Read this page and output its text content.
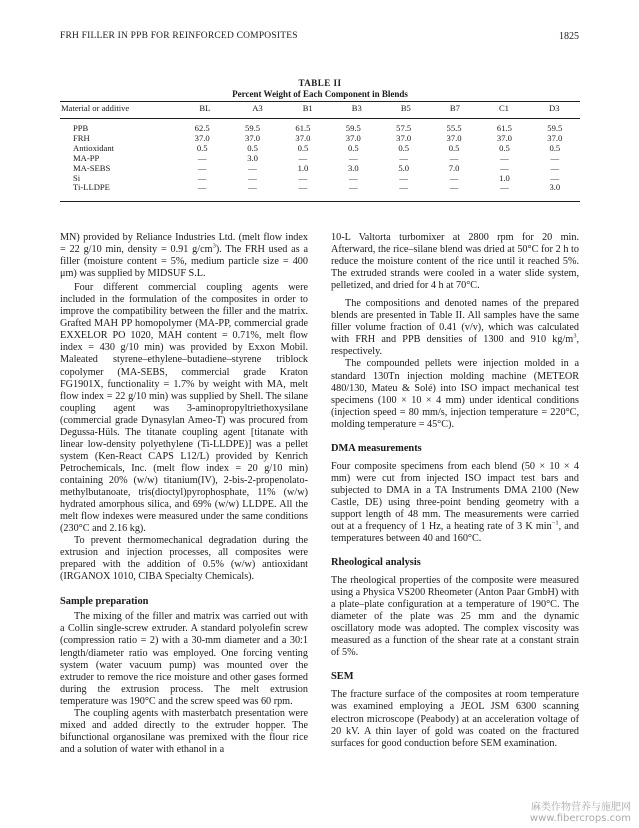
FRH FILLER IN PPB FOR REINFORCED COMPOSITES	1825
TABLE II
Percent Weight of Each Component in Blends
Material or additive	BL	A3	B1	B3	B5	B7	C1	D3
PPB	62.5	59.5	61.5	59.5	57.5	55.5	61.5	59.5
FRH	37.0	37.0	37.0	37.0	37.0	37.0	37.0	37.0
Antioxidant	0.5	0.5	0.5	0.5	0.5	0.5	0.5	0.5
MA-PP	—	3.0	—	—	—	—	—	—
MA-SEBS	—	—	1.0	3.0	5.0	7.0	—	—
Si	—	—	—	—	—	—	1.0	—
Ti-LLDPE	—	—	—	—	—	—	—	3.0

MN) provided by Reliance Industries Ltd. (melt flow index = 22 g/10 min, density = 0.91 $g/cm^3$). The FRH used as a filler (moisture content = 5%, medium particle size = 400 μm) was supplied by MIDSUF S.L.

Four different commercial coupling agents were included in the formulation of the composites in order to improve the compatibility between the filler and the matrix. Grafted MAH PP homopolymer (MA-PP, commercial grade EXXELOR PO 1020, MAH content = 0.71%, melt flow index = 430 g/10 min) was provided by Exxon Mobil. Maleated styrene–ethylene–butadiene–styrene triblock copolymer (MA-SEBS, commercial grade Kraton FG1901X, functionality = 1.7% by weight with MA, melt flow index = 22 g/10 min) was supplied by Shell. The silane coupling agent was 3-aminopropyltriethoxysilane (commercial grade Dynasylan Ameo-T) was procured from Degussa-Hüls. The titanate coupling agent [titanate with linear low-density polyethylene (Ti-LLDPE)] was a pellet system (Ken-React CAPS L12/L) provided by Kenrich Petrochemicals, Inc. (melt flow index = 20 g/10 min) containing 20% (w/w) titanium(IV), 2-bis-2-propenolato-methylbutanoate, tris(dioctyl)pyrophosphate, 11% (w/w) hydrated amorphous silica, and 69% (w/w) LLDPE. All the melt flow indexes were measured under the same conditions (230°C and 2.16 kg).

To prevent thermomechanical degradation during the extrusion and injection processes, all composites were prepared with the addition of 0.5% (w/w) antioxidant (IRGANOX 1010, CIBA Specialty Chemicals).

Sample preparation

The mixing of the filler and matrix was carried out with a Collin single-screw extruder. A standard polyolefin screw (compression ratio = 2) with a 30-mm diameter and a 30:1 length/diameter ratio was employed. One forcing venting system (water vacuum pump) was mounted over the extruder to remove the rice moisture and other gases formed during the extrusion process. The melt extrusion temperature was 190°C and the screw speed was 60 rpm.

The coupling agents with masterbatch presentation were mixed and added directly to the extruder hopper. The bifunctional organosilane was premixed with the flour rice and a solution of water with ethanol in a

10-L Valtorta turbomixer at 2800 rpm for 20 min. Afterward, the rice–silane blend was dried at 50°C for 2 h to reduce the moisture content of the rice until it reached 5%. The extruded strands were cooled in a water slide system, pelletized, and dried for 4 h at 70°C.

The compositions and denoted names of the prepared blends are presented in Table II. All samples have the same filler volume fraction of 0.41 (v/v), which was calculated with FRH and PPB densities of 1300 and 910 $kg/m^3$, respectively.

The compounded pellets were injection molded in a standard 130Tn injection molding machine (METEOR 480/130, Mateu & Solé) into ISO impact mechanical test specimens (100 × 10 × 4 mm) under identical conditions (injection speed = 80 mm/s, injection temperature = 220°C, molding temperature = 45°C).

DMA measurements

Four composite specimens from each blend (50 × 10 × 4 mm) were cut from injected ISO impact test bars and subjected to DMA in a TA Instruments DMA 2100 (New Castle, DE) using three-point bending geometry with a support length of 48 mm. The measurements were carried out at a frequency of 1 Hz, a heating rate of 3 K $\min^{-1}$, and temperatures between 40 and 160°C.

Rheological analysis

The rheological properties of the composite were measured using a Physica VS200 Rheometer (Anton Paar GmbH) with a plate–plate configuration at a temperature of 190°C. The diameter of the plate was 25 mm and the dynamic oscillatory mode was adopted. The complex viscosity was measured as a function of the shear rate at a constant strain of 5%.

SEM

The fracture surface of the composites at room temperature was examined employing a JEOL JSM 6300 scanning electron microscope (Peabody) at an acceleration voltage of 20 kV. A thin layer of gold was coated on the fractured surfaces for good conduction before SEM examination.

麻类作物营养与施肥网
www.fibercrops.com
